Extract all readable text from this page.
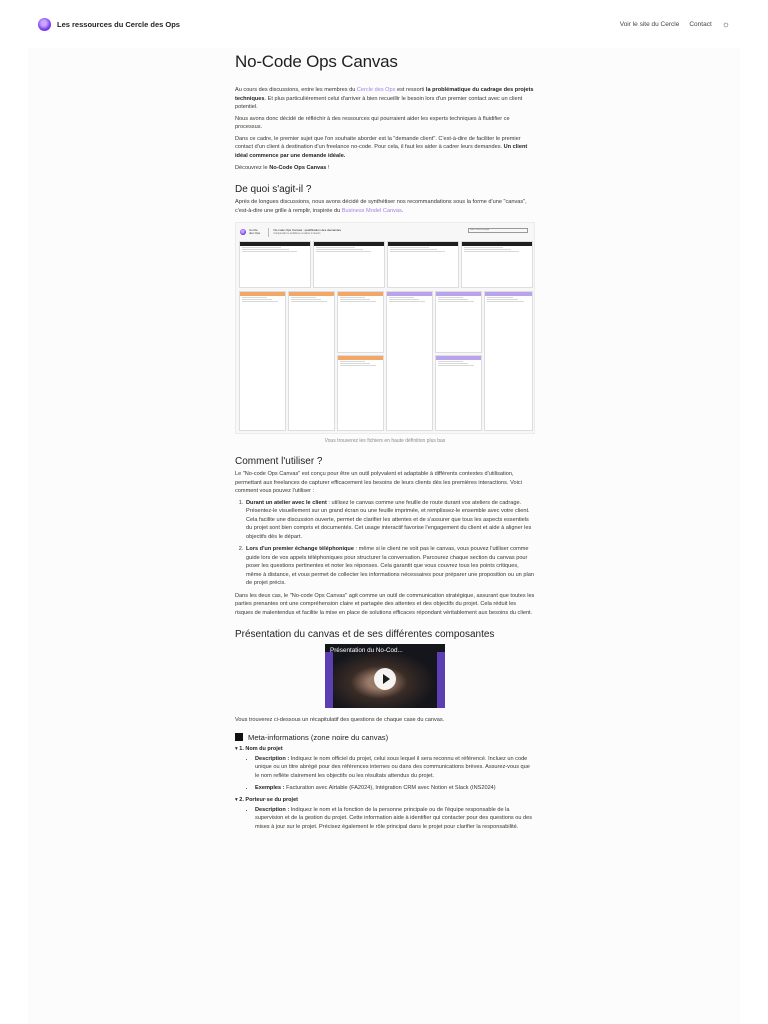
Les ressources du Cercle des Ops	Voir le site du Cercle Contact ☼
No-Code Ops Canvas

Au cours des discussions, entre les membres du Cercle des Ops est ressorti la problématique du cadrage des projets techniques. Et plus particulièrement celui d'arriver à bien recueillir le besoin lors d'un premier contact avec un client potentiel.

Nous avons donc décidé de réfléchir à des ressources qui pourraient aider les experts techniques à fluidifier ce processus.

Dans ce cadre, le premier sujet que l'on souhaite aborder est la "demande client". C'est-à-dire de faciliter le premier contact d'un client à destination d'un freelance no-code. Pour cela, il faut les aider à cadrer leurs demandes. Un client idéal commence par une demande idéale.

Découvrez le No-Code Ops Canvas !

De quoi s'agit-il ?

Après de longues discussions, nous avons décidé de synthétiser nos recommandations sous la forme d'une "canvas", c'est-à-dire une grille à remplir, inspirée du Business Model Canvas.

Cercle des Ops
No-code Ops Canvas : qualification des demandes
Comprendre le problème et cadrer le besoin
Date et nom du projet
Vous trouverez les fichiers en haute définition plus bas
Comment l'utiliser ?

Le "No-code Ops Canvas" est conçu pour être un outil polyvalent et adaptable à différents contextes d'utilisation, permettant aux freelances de capturer efficacement les besoins de leurs clients dès les premières interactions. Voici comment vous pouvez l'utiliser :

1. Durant un atelier avec le client : utilisez le canvas comme une feuille de route durant vos ateliers de cadrage. Présentez-le visuellement sur un grand écran ou une feuille imprimée, et remplissez-le ensemble avec votre client. Cela facilite une discussion ouverte, permet de clarifier les attentes et de s'assurer que tous les aspects essentiels du projet sont bien compris et documentés. Cet usage interactif favorise l'engagement du client et aide à aligner les objectifs dès le départ.
2. Lors d'un premier échange téléphonique : même si le client ne voit pas le canvas, vous pouvez l'utiliser comme guide lors de vos appels téléphoniques pour structurer la conversation. Parcourez chaque section du canvas pour poser les questions pertinentes et noter les réponses. Cela garantit que vous couvrez tous les points critiques, même à distance, et vous permet de collecter les informations nécessaires pour préparer une proposition ou un plan de projet précis.

Dans les deux cas, le "No-code Ops Canvas" agit comme un outil de communication stratégique, assurant que toutes les parties prenantes ont une compréhension claire et partagée des attentes et des objectifs du projet. Cela réduit les risques de malentendus et facilite la mise en place de solutions efficaces répondant véritablement aux besoins du client.

Présentation du canvas et de ses différentes composantes
Présentation du No-Cod...

Vous trouverez ci-dessous un récapitulatif des questions de chaque case du canvas.

Meta-informations (zone noire du canvas)
▾ 1. Nom du projet
• Description : Indiquez le nom officiel du projet, celui sous lequel il sera reconnu et référencé. Incluez un code unique ou un titre abrégé pour des références internes ou dans des communications brèves. Assurez-vous que le nom reflète clairement les objectifs ou les résultats attendus du projet.
• Exemples : Facturation avec Airtable (FA2024), Intégration CRM avec Notion et Slack (INS2024)
▾ 2. Porteur·se du projet
• Description : Indiquez le nom et la fonction de la personne principale ou de l'équipe responsable de la supervision et de la gestion du projet. Cette information aide à identifier qui contacter pour des questions ou des mises à jour sur le projet. Précisez également le rôle principal dans le projet pour clarifier la responsabilité.
